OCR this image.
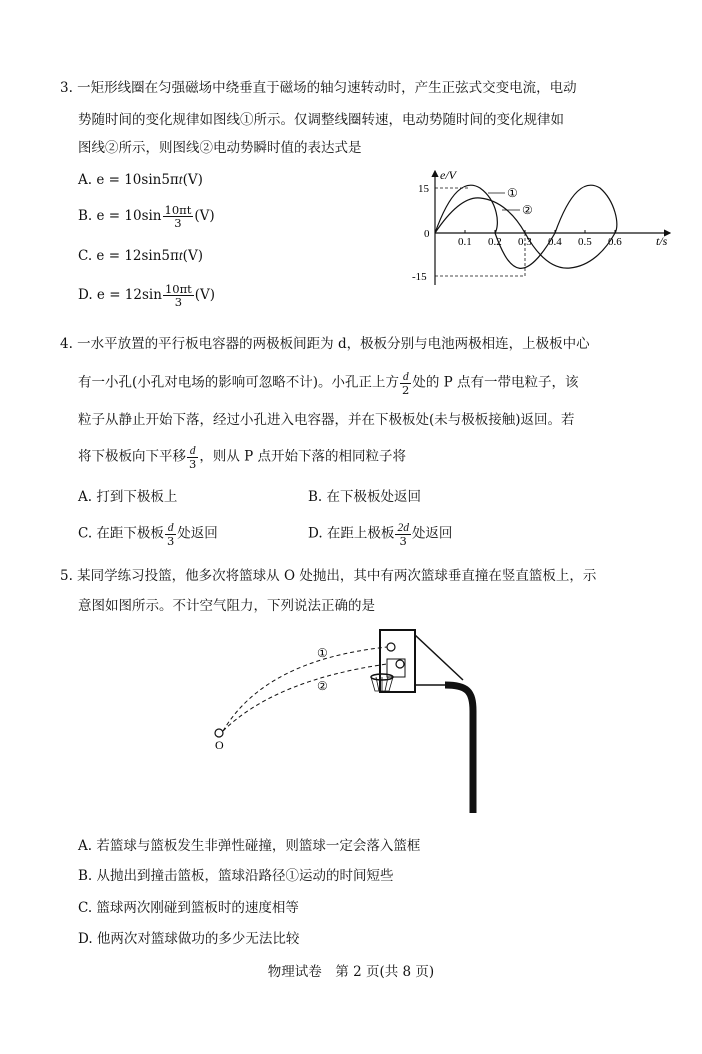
3. 一矩形线圈在匀强磁场中绕垂直于磁场的轴匀速转动时，产生正弦式交变电流，电动
势随时间的变化规律如图线①所示。仅调整线圈转速，电动势随时间的变化规律如
图线②所示，则图线②电动势瞬时值的表达式是
A. e = 10sin5πt(V)
B. $e = 10\sin \frac{10\pi t}{3} (V)$
C. e = 12sin5πt(V)
D. $e = 12\sin \frac{10\pi t}{3} (V)$
①
②
e/V
t/s
15
-15
0
0.1 0.2 0.3 0.4 0.5 0.6
4. 一水平放置的平行板电容器的两极板间距为 d，极板分别与电池两极相连，上极板中心
有一小孔(小孔对电场的影响可忽略不计)。小孔正上方 $\frac{d}{2}$ 处的 P 点有一带电粒子，该
粒子从静止开始下落，经过小孔进入电容器，并在下极板处(未与极板接触)返回。若
将下极板向下平移 $\frac{d}{3}$ ，则从 P 点开始下落的相同粒子将
A. 打到下极板上	B. 在下极板处返回
C. 在距下极板 $\frac{d}{3}$ 处返回	D. 在距上极板 $\frac{2d}{3}$ 处返回
5. 某同学练习投篮，他多次将篮球从 O 处抛出，其中有两次篮球垂直撞在竖直篮板上，示
意图如图所示。不计空气阻力，下列说法正确的是
①
②
O
A. 若篮球与篮板发生非弹性碰撞，则篮球一定会落入篮框
B. 从抛出到撞击篮板，篮球沿路径①运动的时间短些
C. 篮球两次刚碰到篮板时的速度相等
D. 他两次对篮球做功的多少无法比较
物理试卷　第 2 页(共 8 页)
